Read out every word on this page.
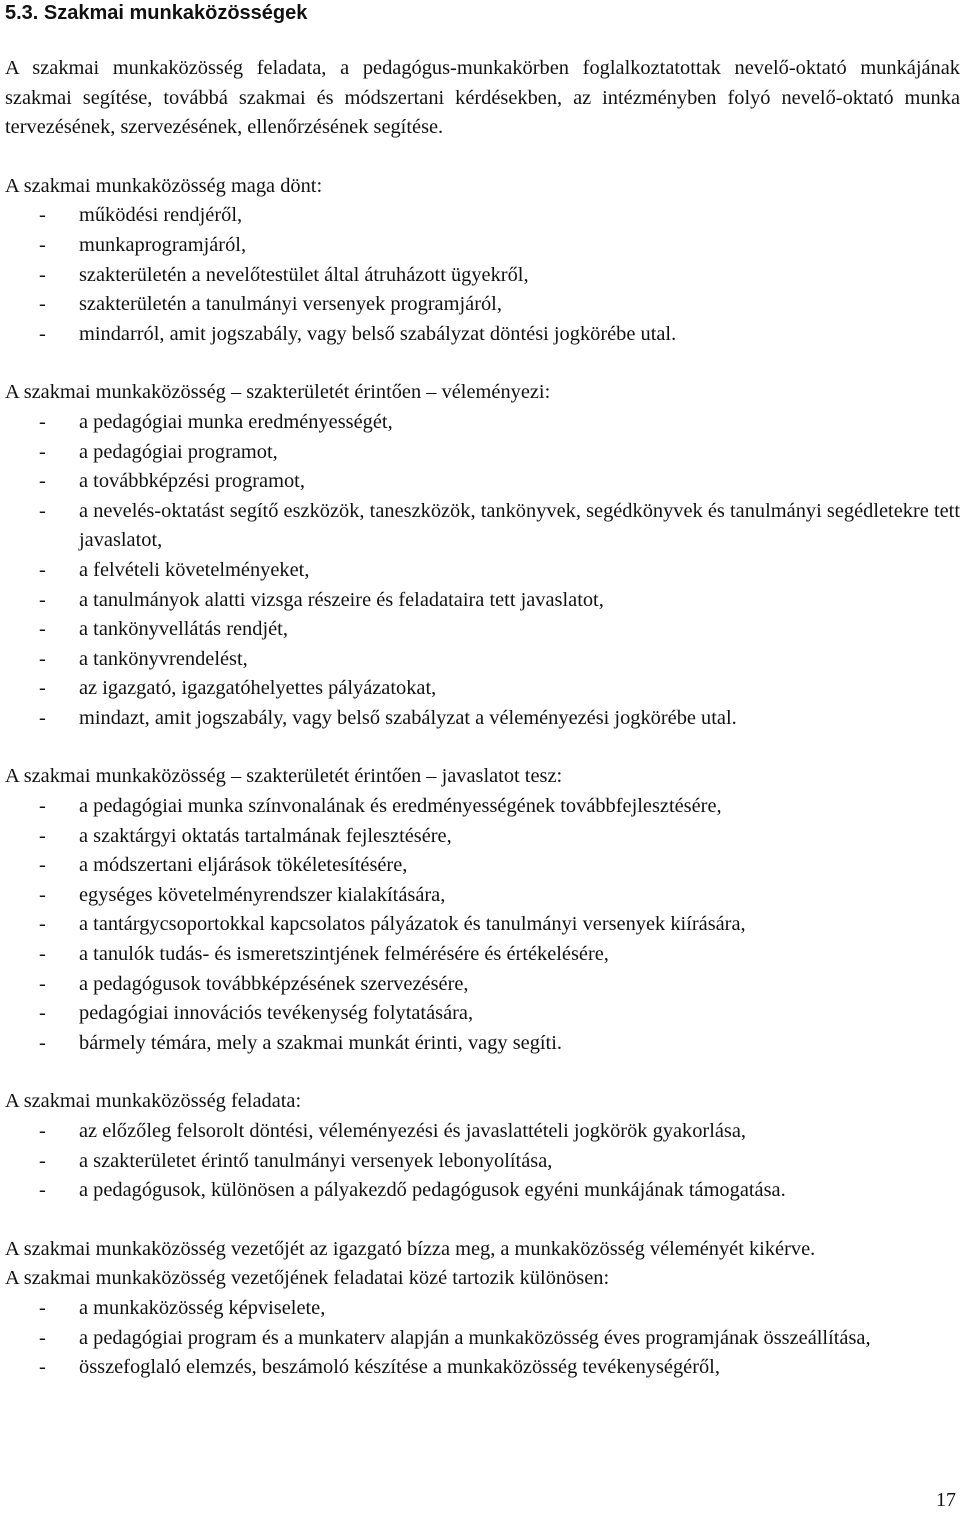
5.3. Szakmai munkaközösségek

A szakmai munkaközösség feladata, a pedagógus-munkakörben foglalkoztatottak nevelő-oktató munkájának szakmai segítése, továbbá szakmai és módszertani kérdésekben, az intézményben folyó nevelő-oktató munka tervezésének, szervezésének, ellenőrzésének segítése.

A szakmai munkaközösség maga dönt:

- működési rendjéről,
- munkaprogramjáról,
- szakterületén a nevelőtestület által átruházott ügyekről,
- szakterületén a tanulmányi versenyek programjáról,
- mindarról, amit jogszabály, vagy belső szabályzat döntési jogkörébe utal.

A szakmai munkaközösség – szakterületét érintően – véleményezi:

- a pedagógiai munka eredményességét,
- a pedagógiai programot,
- a továbbképzési programot,
- a nevelés-oktatást segítő eszközök, taneszközök, tankönyvek, segédkönyvek és tanulmányi segédletekre tett javaslatot,
- a felvételi követelményeket,
- a tanulmányok alatti vizsga részeire és feladataira tett javaslatot,
- a tankönyvellátás rendjét,
- a tankönyvrendelést,
- az igazgató, igazgatóhelyettes pályázatokat,
- mindazt, amit jogszabály, vagy belső szabályzat a véleményezési jogkörébe utal.

A szakmai munkaközösség – szakterületét érintően – javaslatot tesz:

- a pedagógiai munka színvonalának és eredményességének továbbfejlesztésére,
- a szaktárgyi oktatás tartalmának fejlesztésére,
- a módszertani eljárások tökéletesítésére,
- egységes követelményrendszer kialakítására,
- a tantárgycsoportokkal kapcsolatos pályázatok és tanulmányi versenyek kiírására,
- a tanulók tudás- és ismeretszintjének felmérésére és értékelésére,
- a pedagógusok továbbképzésének szervezésére,
- pedagógiai innovációs tevékenység folytatására,
- bármely témára, mely a szakmai munkát érinti, vagy segíti.

A szakmai munkaközösség feladata:

- az előzőleg felsorolt döntési, véleményezési és javaslattételi jogkörök gyakorlása,
- a szakterületet érintő tanulmányi versenyek lebonyolítása,
- a pedagógusok, különösen a pályakezdő pedagógusok egyéni munkájának támogatása.

A szakmai munkaközösség vezetőjét az igazgató bízza meg, a munkaközösség véleményét kikérve.

A szakmai munkaközösség vezetőjének feladatai közé tartozik különösen:

- a munkaközösség képviselete,
- a pedagógiai program és a munkaterv alapján a munkaközösség éves programjának összeállítása,
- összefoglaló elemzés, beszámoló készítése a munkaközösség tevékenységéről,
17
